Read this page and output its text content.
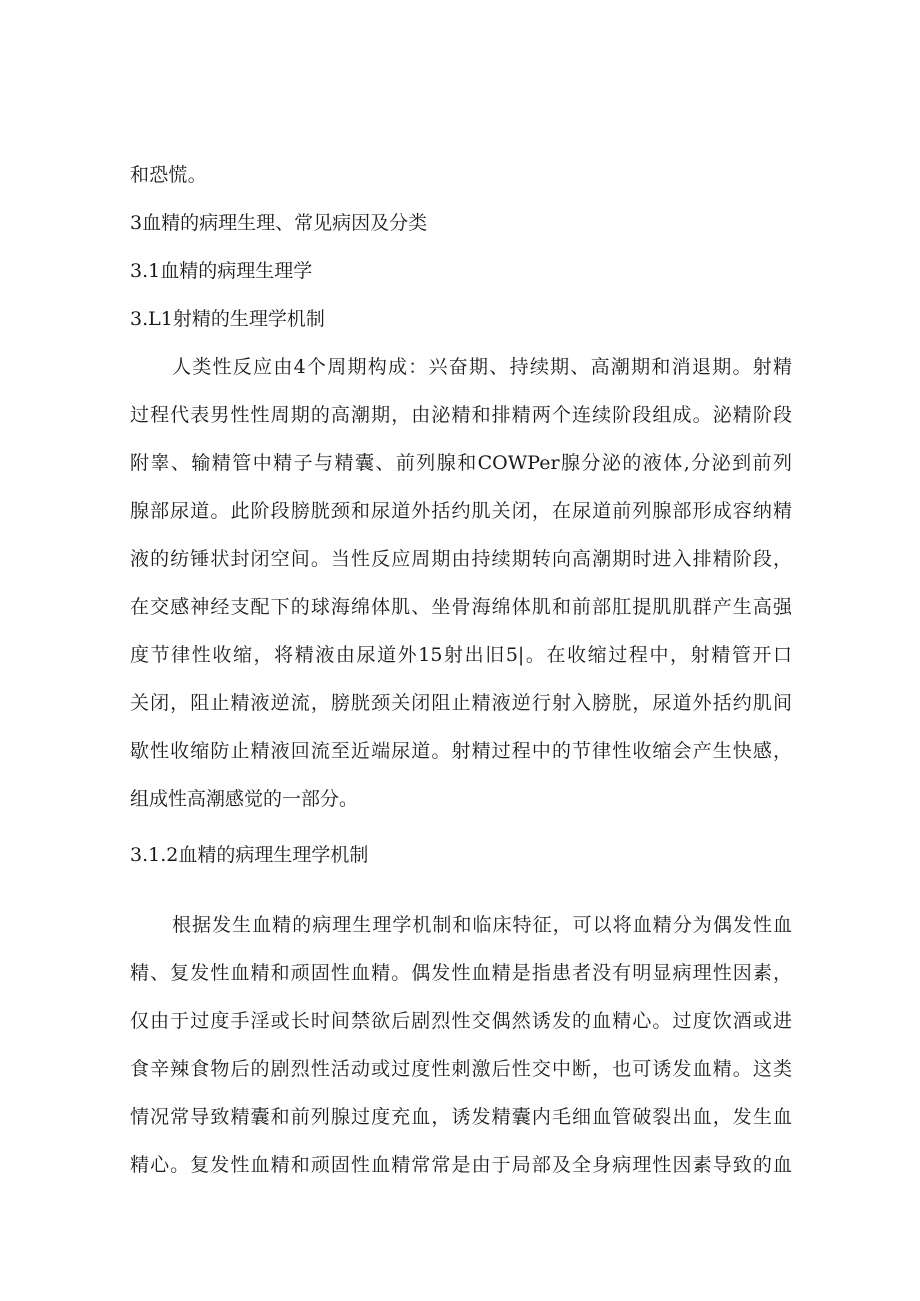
和恐慌。
3血精的病理生理、常见病因及分类
3.1血精的病理生理学
3.L1射精的生理学机制
人类性反应由4个周期构成：兴奋期、持续期、高潮期和消退期。射精
过程代表男性性周期的高潮期，由泌精和排精两个连续阶段组成。泌精阶段
附睾、输精管中精子与精囊、前列腺和COWPer腺分泌的液体,分泌到前列
腺部尿道。此阶段膀胱颈和尿道外括约肌关闭，在尿道前列腺部形成容纳精
液的纺锤状封闭空间。当性反应周期由持续期转向高潮期时进入排精阶段，
在交感神经支配下的球海绵体肌、坐骨海绵体肌和前部肛提肌肌群产生高强
度节律性收缩，将精液由尿道外15射出旧5|。在收缩过程中，射精管开口
关闭，阻止精液逆流，膀胱颈关闭阻止精液逆行射入膀胱，尿道外括约肌间
歇性收缩防止精液回流至近端尿道。射精过程中的节律性收缩会产生快感，
组成性高潮感觉的一部分。
3.1.2血精的病理生理学机制
根据发生血精的病理生理学机制和临床特征，可以将血精分为偶发性血
精、复发性血精和顽固性血精。偶发性血精是指患者没有明显病理性因素，
仅由于过度手淫或长时间禁欲后剧烈性交偶然诱发的血精心。过度饮酒或进
食辛辣食物后的剧烈性活动或过度性刺激后性交中断，也可诱发血精。这类
情况常导致精囊和前列腺过度充血，诱发精囊内毛细血管破裂出血，发生血
精心。复发性血精和顽固性血精常常是由于局部及全身病理性因素导致的血
